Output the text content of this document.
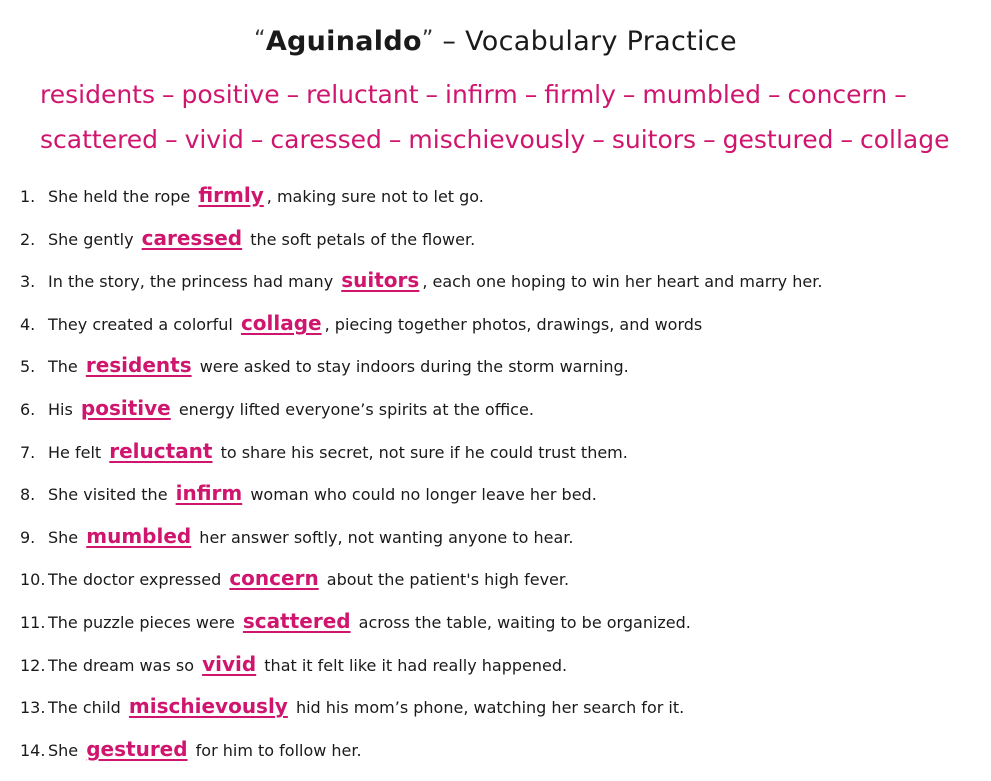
“Aguinaldo” – Vocabulary Practice
residents – positive – reluctant – infirm – firmly – mumbled – concern –
scattered – vivid – caressed – mischievously – suitors – gestured – collage
1. She held the rope firmly , making sure not to let go.
2. She gently caressed the soft petals of the flower.
3. In the story, the princess had many suitors , each one hoping to win her heart and marry her.
4. They created a colorful collage , piecing together photos, drawings, and words
5. The residents were asked to stay indoors during the storm warning.
6. His positive energy lifted everyone’s spirits at the office.
7. He felt reluctant to share his secret, not sure if he could trust them.
8. She visited the infirm woman who could no longer leave her bed.
9. She mumbled her answer softly, not wanting anyone to hear.
10. The doctor expressed concern about the patient's high fever.
11. The puzzle pieces were scattered across the table, waiting to be organized.
12. The dream was so vivid that it felt like it had really happened.
13. The child mischievously hid his mom’s phone, watching her search for it.
14. She gestured for him to follow her.
